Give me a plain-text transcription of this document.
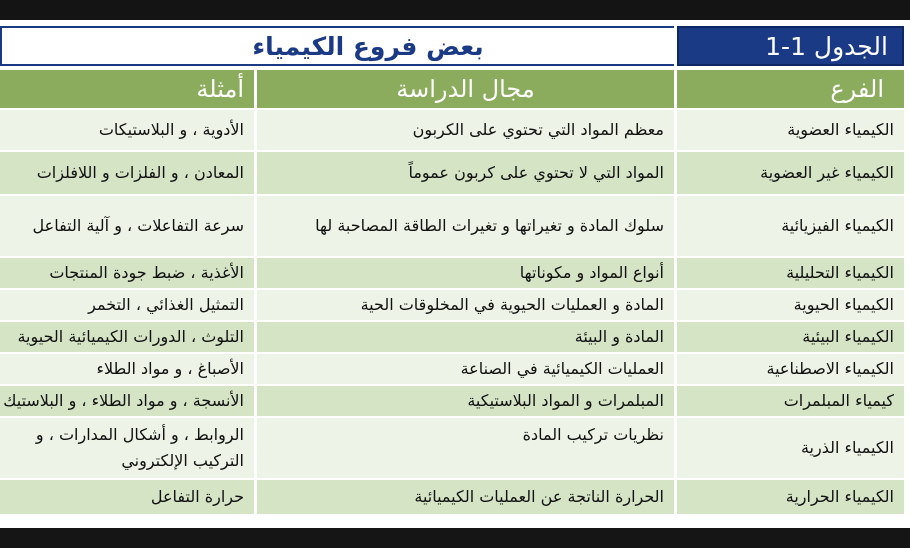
الجدول 1-1
بعض فروع الكيمياء
الفرع
مجال الدراسة
أمثلة
الكيمياء العضوية
معظم المواد التي تحتوي على الكربون
الأدوية ، و البلاستيكات
الكيمياء غير العضوية
المواد التي لا تحتوي على كربون عموماً
المعادن ، و الفلزات و اللافلزات
الكيمياء الفيزيائية
سلوك المادة و تغيراتها و تغيرات الطاقة المصاحبة لها
سرعة التفاعلات ، و آلية التفاعل
الكيمياء التحليلية
أنواع المواد و مكوناتها
الأغذية ، ضبط جودة المنتجات
الكيمياء الحيوية
المادة و العمليات الحيوية في المخلوقات الحية
التمثيل الغذائي ، التخمر
الكيمياء البيئية
المادة و البيئة
التلوث ، الدورات الكيميائية الحيوية
الكيمياء الاصطناعية
العمليات الكيميائية في الصناعة
الأصباغ ، و مواد الطلاء
كيمياء المبلمرات
المبلمرات و المواد البلاستيكية
الأنسجة ، و مواد الطلاء ، و البلاستيك
الكيمياء الذرية
نظريات تركيب المادة
الروابط ، و أشكال المدارات ، و التركيب الإلكتروني
الكيمياء الحرارية
الحرارة الناتجة عن العمليات الكيميائية
حرارة التفاعل
